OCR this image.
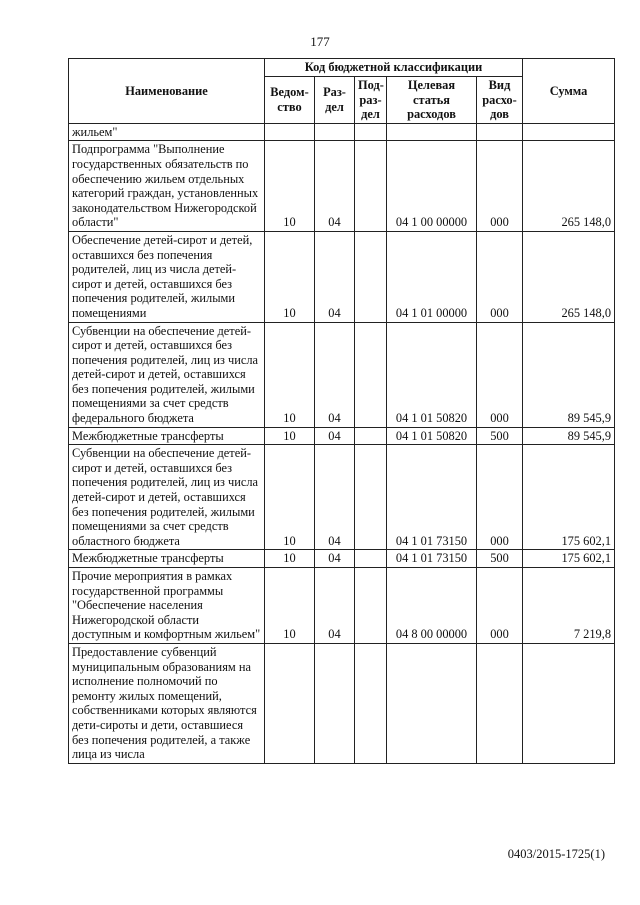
177
Наименование	Код бюджетной классификации					Сумма
	Ведом-ство	Раз-дел	Под-раз-дел	Целевая статья расходов	Вид расхо-дов	
жильем"						
Подпрограмма "Выполнение государственных обязательств по обеспечению жильем отдельных категорий граждан, установленных законодательством Нижегородской области"	10	04		04 1 00 00000	000	265 148,0
Обеспечение детей-сирот и детей, оставшихся без попечения родителей, лиц из числа детей-сирот и детей, оставшихся без попечения родителей, жилыми помещениями	10	04		04 1 01 00000	000	265 148,0
Субвенции на обеспечение детей-сирот и детей, оставшихся без попечения родителей, лиц из числа детей-сирот и детей, оставшихся без попечения родителей, жилыми помещениями за счет средств федерального бюджета	10	04		04 1 01 50820	000	89 545,9
Межбюджетные трансферты	10	04		04 1 01 50820	500	89 545,9
Субвенции на обеспечение детей-сирот и детей, оставшихся без попечения родителей, лиц из числа детей-сирот и детей, оставшихся без попечения родителей, жилыми помещениями за счет средств областного бюджета	10	04		04 1 01 73150	000	175 602,1
Межбюджетные трансферты	10	04		04 1 01 73150	500	175 602,1
Прочие мероприятия в рамках государственной программы "Обеспечение населения Нижегородской области доступным и комфортным жильем"	10	04		04 8 00 00000	000	7 219,8
Предоставление субвенций муниципальным образованиям на исполнение полномочий по ремонту жилых помещений, собственниками которых являются дети-сироты и дети, оставшиеся без попечения родителей, а также лица из числа						
0403/2015-1725(1)
